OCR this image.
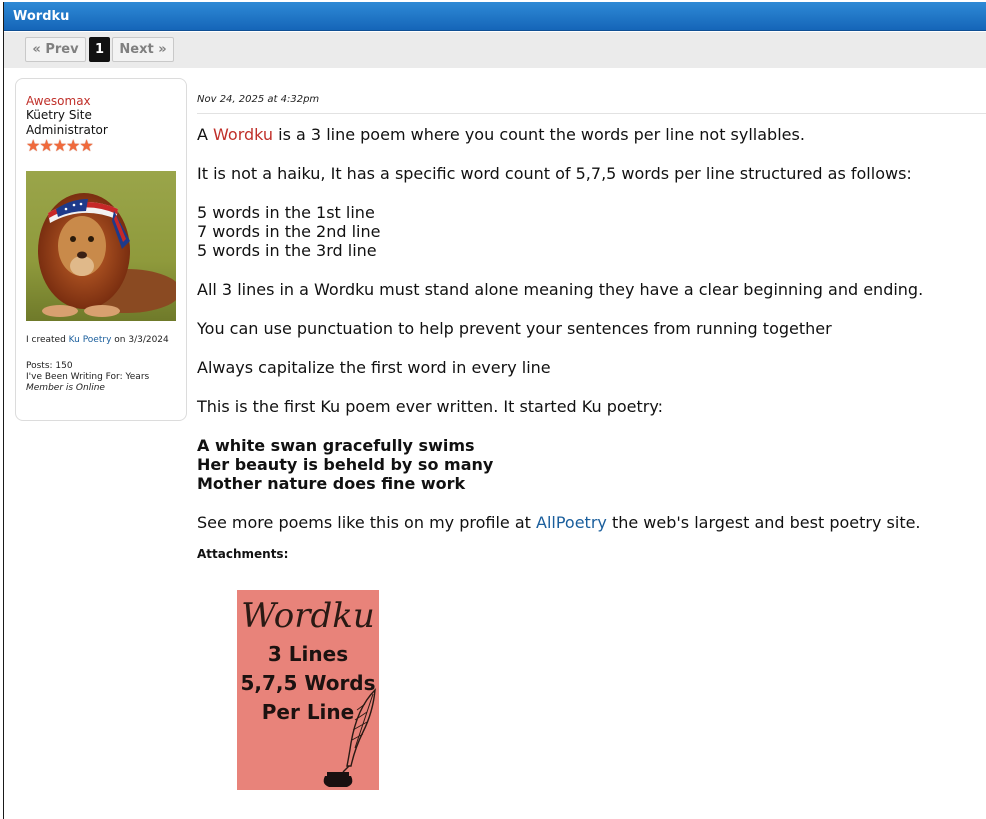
Wordku
« Prev	1	Next »
Awesomax
Küetry Site
Administrator
★★★★★
I created Ku Poetry on 3/3/2024
Posts: 150
I've Been Writing For: Years
Member is Online
Nov 24, 2025 at 4:32pm

A Wordku is a 3 line poem where you count the words per line not syllables.

It is not a haiku, It has a specific word count of 5,7,5 words per line structured as follows:

5 words in the 1st line
7 words in the 2nd line
5 words in the 3rd line

All 3 lines in a Wordku must stand alone meaning they have a clear beginning and ending.

You can use punctuation to help prevent your sentences from running together

Always capitalize the first word in every line

This is the first Ku poem ever written. It started Ku poetry:

A white swan gracefully swims
Her beauty is beheld by so many
Mother nature does fine work

See more poems like this on my profile at AllPoetry the web's largest and best poetry site.

Attachments:
Wordku
3 Lines
5,7,5 Words
Per Line
